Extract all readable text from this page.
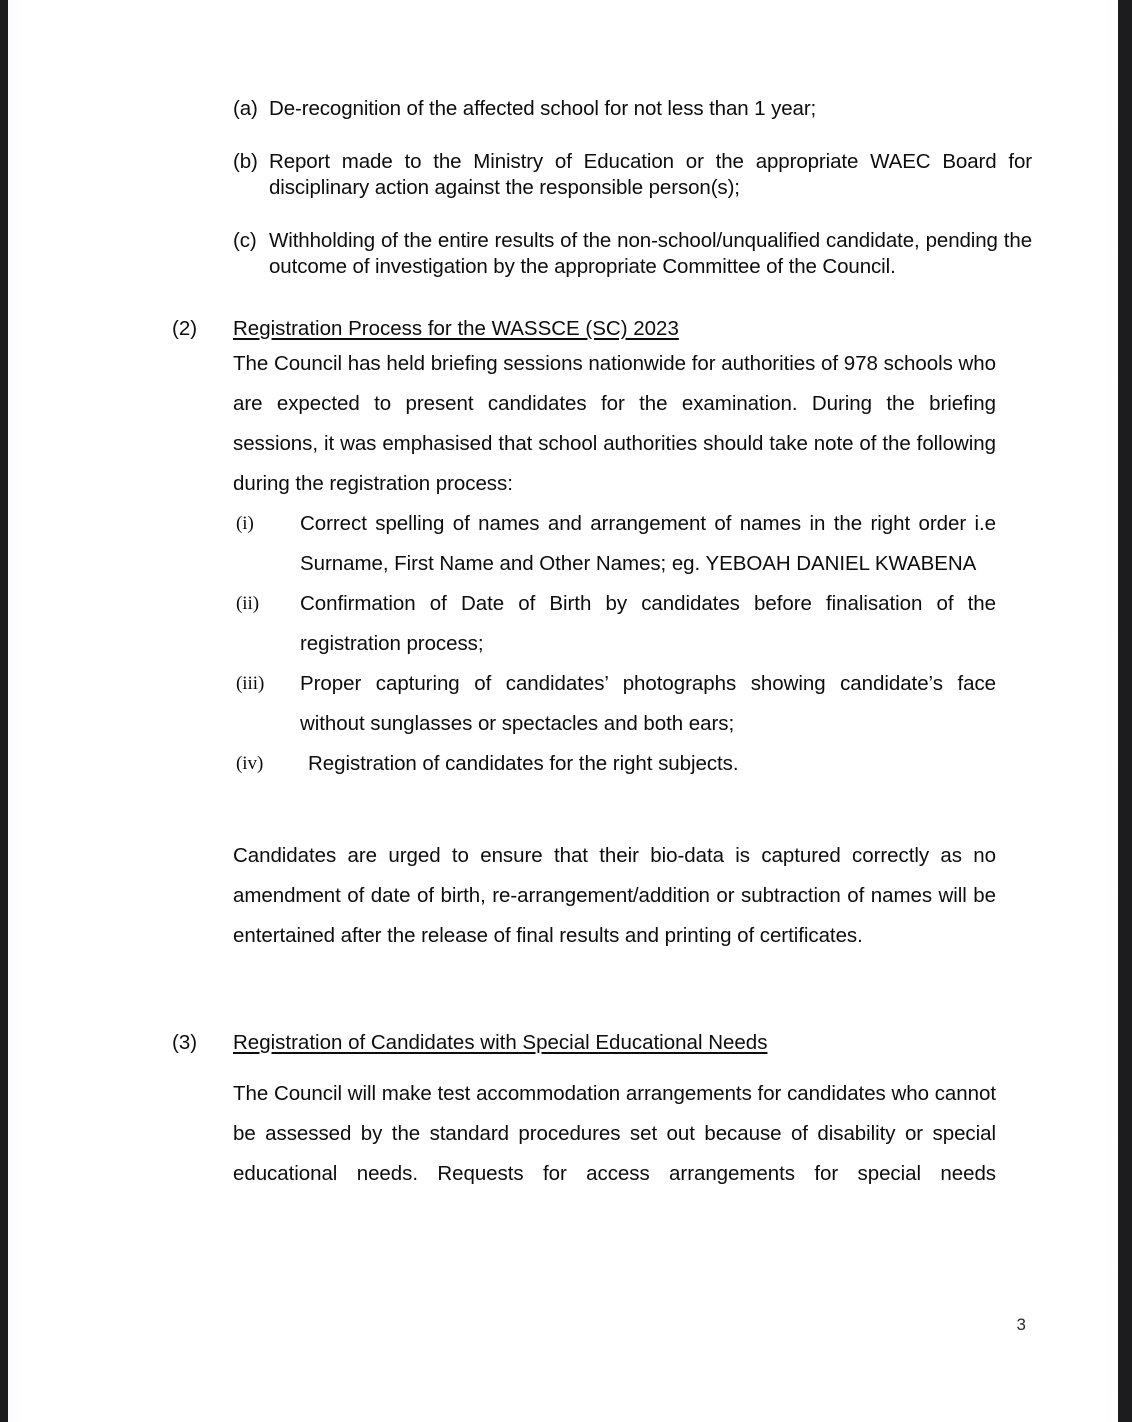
(a) De-recognition of the affected school for not less than 1 year;
(b) Report made to the Ministry of Education or the appropriate WAEC Board for disciplinary action against the responsible person(s);
(c) Withholding of the entire results of the non-school/unqualified candidate, pending the outcome of investigation by the appropriate Committee of the Council.
(2) Registration Process for the WASSCE (SC) 2023
The Council has held briefing sessions nationwide for authorities of 978 schools who are expected to present candidates for the examination. During the briefing sessions, it was emphasised that school authorities should take note of the following during the registration process:
(i) Correct spelling of names and arrangement of names in the right order i.e Surname, First Name and Other Names; eg. YEBOAH DANIEL KWABENA
(ii) Confirmation of Date of Birth by candidates before finalisation of the registration process;
(iii) Proper capturing of candidates’ photographs showing candidate’s face without sunglasses or spectacles and both ears;
(iv) Registration of candidates for the right subjects.
Candidates are urged to ensure that their bio-data is captured correctly as no amendment of date of birth, re-arrangement/addition or subtraction of names will be entertained after the release of final results and printing of certificates.
(3) Registration of Candidates with Special Educational Needs
The Council will make test accommodation arrangements for candidates who cannot be assessed by the standard procedures set out because of disability or special educational needs. Requests for access arrangements for special needs
3
